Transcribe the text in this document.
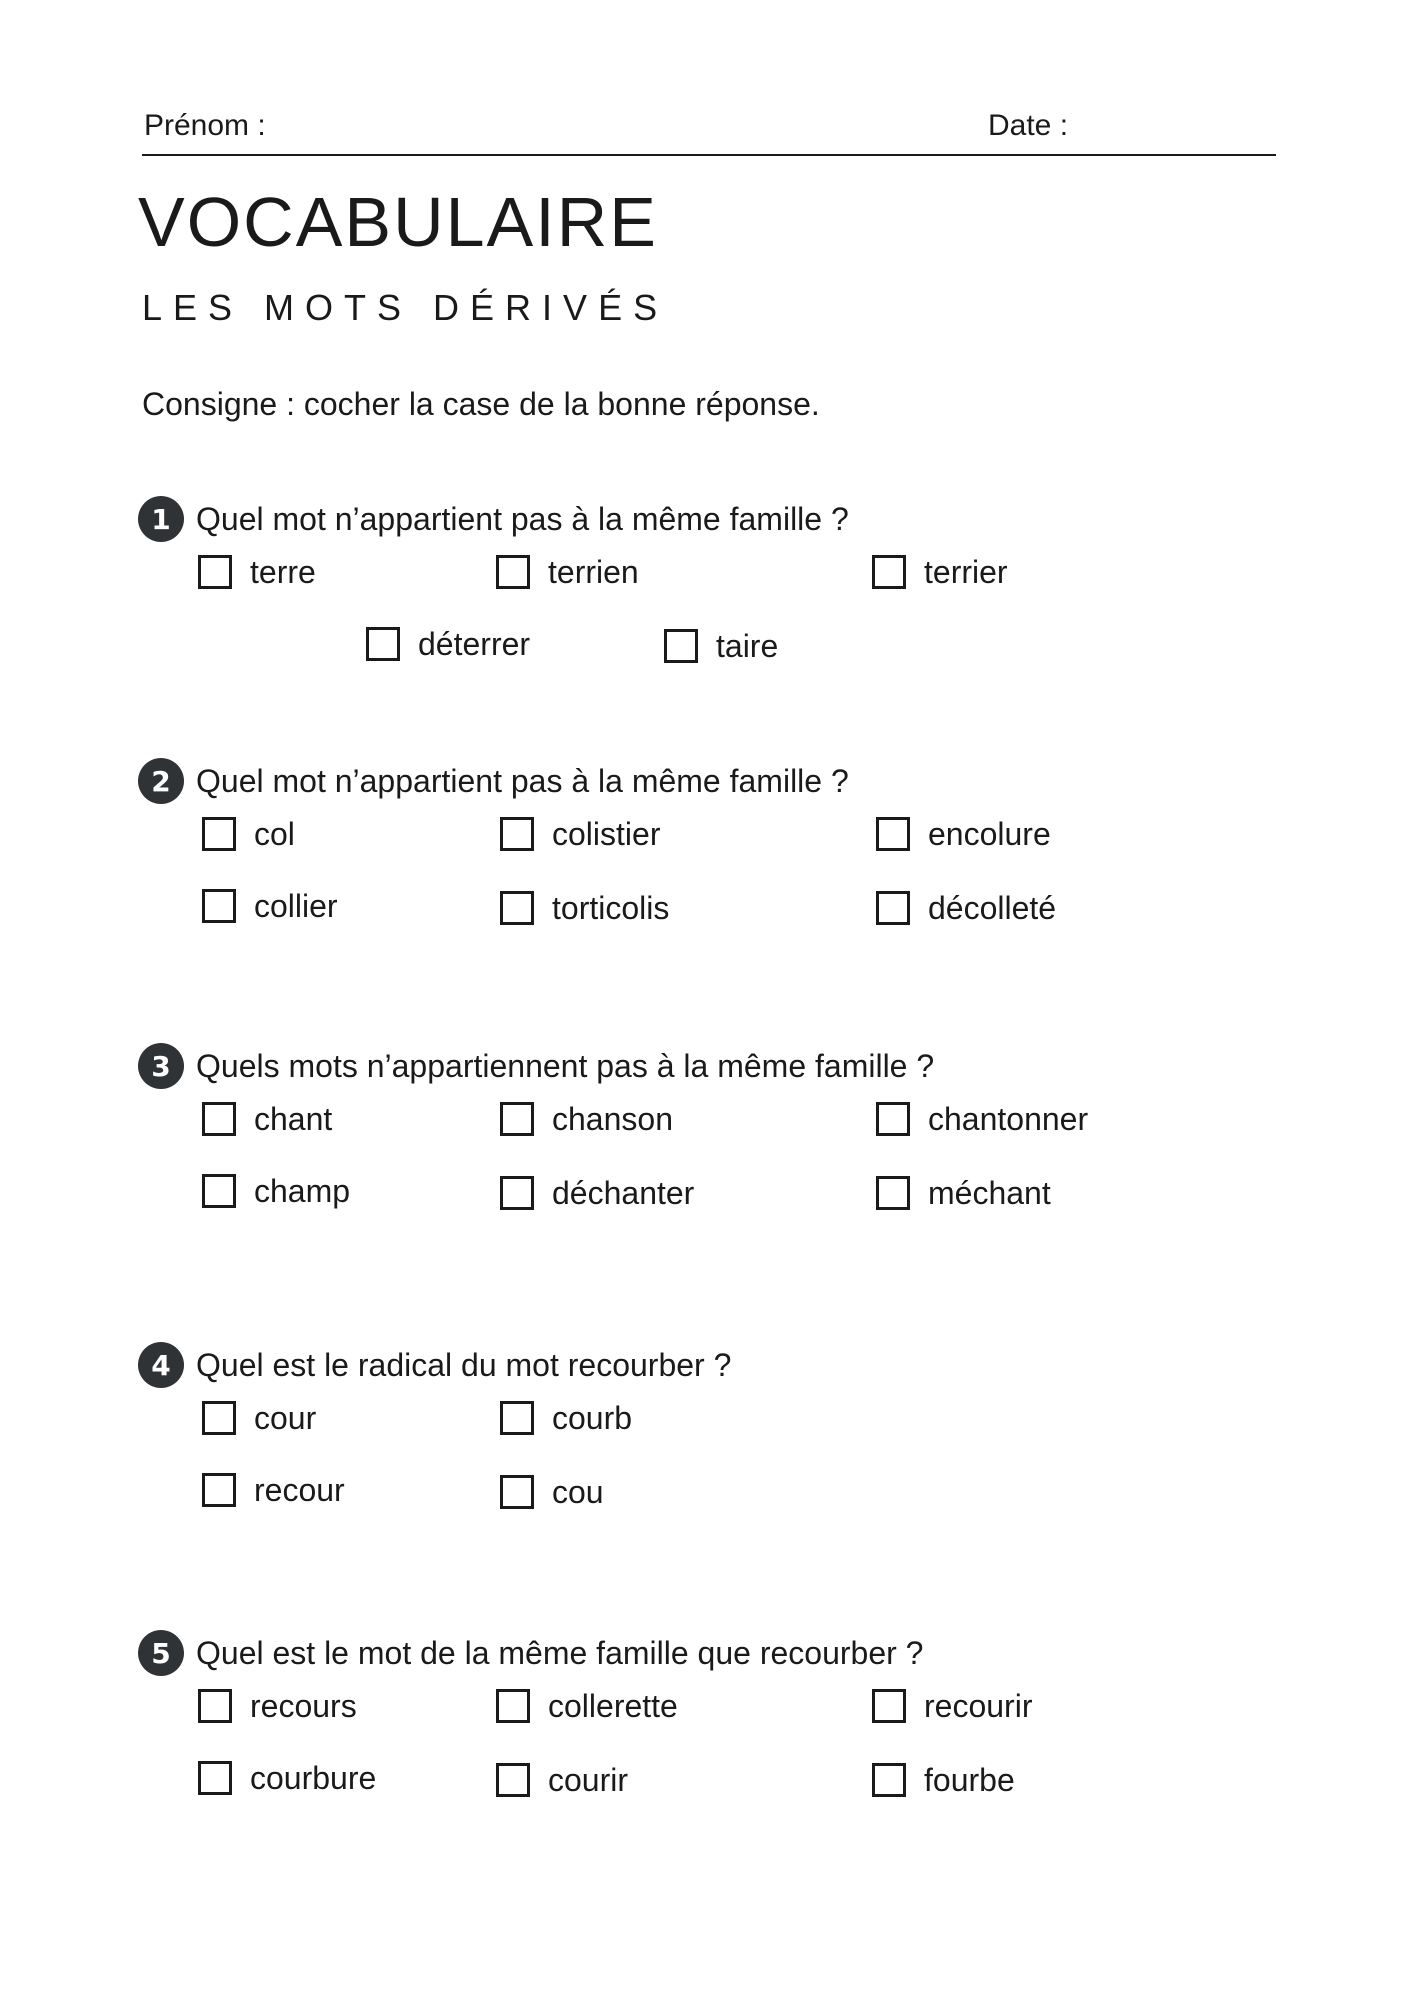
Prénom :	Date :
VOCABULAIRE
LES MOTS DÉRIVÉS
Consigne : cocher la case de la bonne réponse.
1 Quel mot n’appartient pas à la même famille ?
terre	terrien	terrier
déterrer	taire
2 Quel mot n’appartient pas à la même famille ?
col	colistier	encolure
collier	torticolis	décolleté
3 Quels mots n’appartiennent pas à la même famille ?
chant	chanson	chantonner
champ	déchanter	méchant
4 Quel est le radical du mot recourber ?
cour	courb
recour	cou
5 Quel est le mot de la même famille que recourber ?
recours	collerette	recourir
courbure	courir	fourbe
